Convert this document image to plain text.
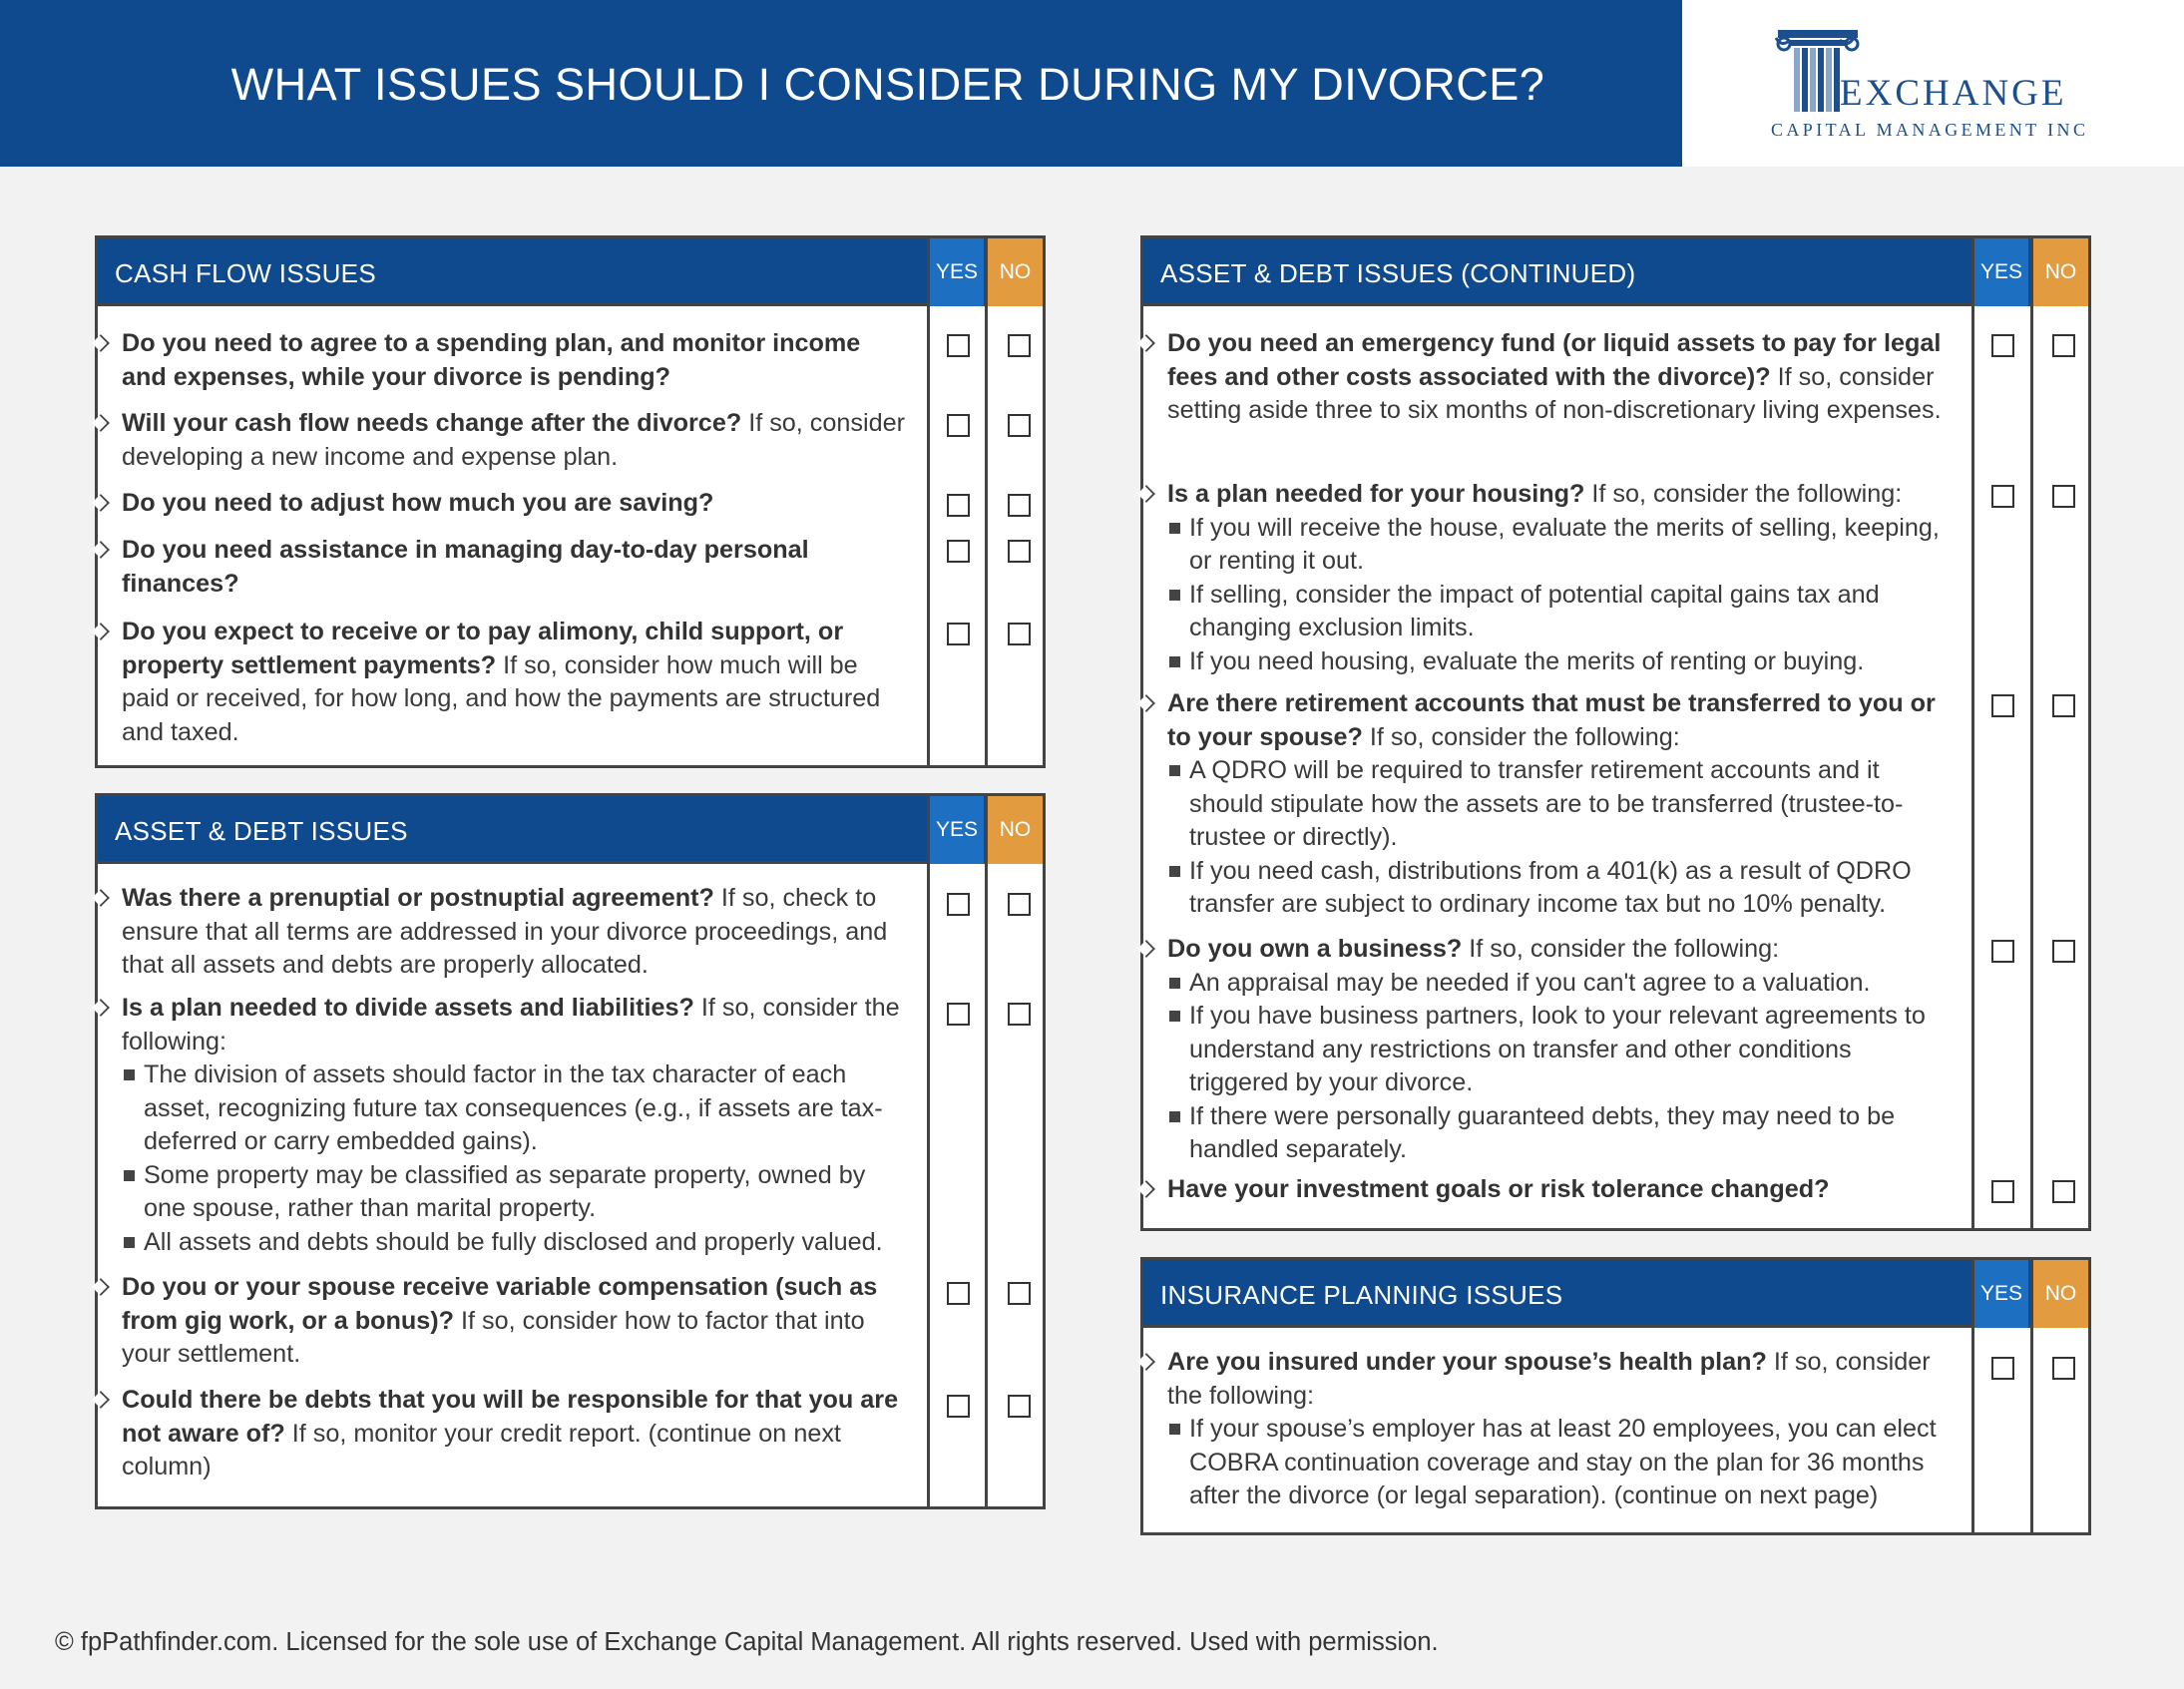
WHAT ISSUES SHOULD I CONSIDER DURING MY DIVORCE?	EXCHANGE
CAPITAL MANAGEMENT INC
CASH FLOW ISSUES	YES	NO
Do you need to agree to a spending plan, and monitor income and expenses, while your divorce is pending?
Will your cash flow needs change after the divorce? If so, consider developing a new income and expense plan.
Do you need to adjust how much you are saving?
Do you need assistance in managing day-to-day personal finances?
Do you expect to receive or to pay alimony, child support, or property settlement payments? If so, consider how much will be paid or received, for how long, and how the payments are structured and taxed.
ASSET & DEBT ISSUES	YES	NO
Was there a prenuptial or postnuptial agreement? If so, check to ensure that all terms are addressed in your divorce proceedings, and that all assets and debts are properly allocated.
Is a plan needed to divide assets and liabilities? If so, consider the following:
The division of assets should factor in the tax character of each asset, recognizing future tax consequences (e.g., if assets are tax-deferred or carry embedded gains).
Some property may be classified as separate property, owned by one spouse, rather than marital property.
All assets and debts should be fully disclosed and properly valued.
Do you or your spouse receive variable compensation (such as from gig work, or a bonus)? If so, consider how to factor that into your settlement.
Could there be debts that you will be responsible for that you are not aware of? If so, monitor your credit report. (continue on next column)
ASSET & DEBT ISSUES (CONTINUED)	YES	NO
Do you need an emergency fund (or liquid assets to pay for legal fees and other costs associated with the divorce)? If so, consider setting aside three to six months of non-discretionary living expenses.
Is a plan needed for your housing? If so, consider the following:
If you will receive the house, evaluate the merits of selling, keeping, or renting it out.
If selling, consider the impact of potential capital gains tax and changing exclusion limits.
If you need housing, evaluate the merits of renting or buying.
Are there retirement accounts that must be transferred to you or to your spouse? If so, consider the following:
A QDRO will be required to transfer retirement accounts and it should stipulate how the assets are to be transferred (trustee-to-trustee or directly).
If you need cash, distributions from a 401(k) as a result of QDRO transfer are subject to ordinary income tax but no 10% penalty.
Do you own a business? If so, consider the following:
An appraisal may be needed if you can't agree to a valuation.
If you have business partners, look to your relevant agreements to understand any restrictions on transfer and other conditions triggered by your divorce.
If there were personally guaranteed debts, they may need to be handled separately.
Have your investment goals or risk tolerance changed?
INSURANCE PLANNING ISSUES	YES	NO
Are you insured under your spouse’s health plan? If so, consider the following:
If your spouse’s employer has at least 20 employees, you can elect COBRA continuation coverage and stay on the plan for 36 months after the divorce (or legal separation). (continue on next page)
© fpPathfinder.com. Licensed for the sole use of Exchange Capital Management. All rights reserved. Used with permission.
